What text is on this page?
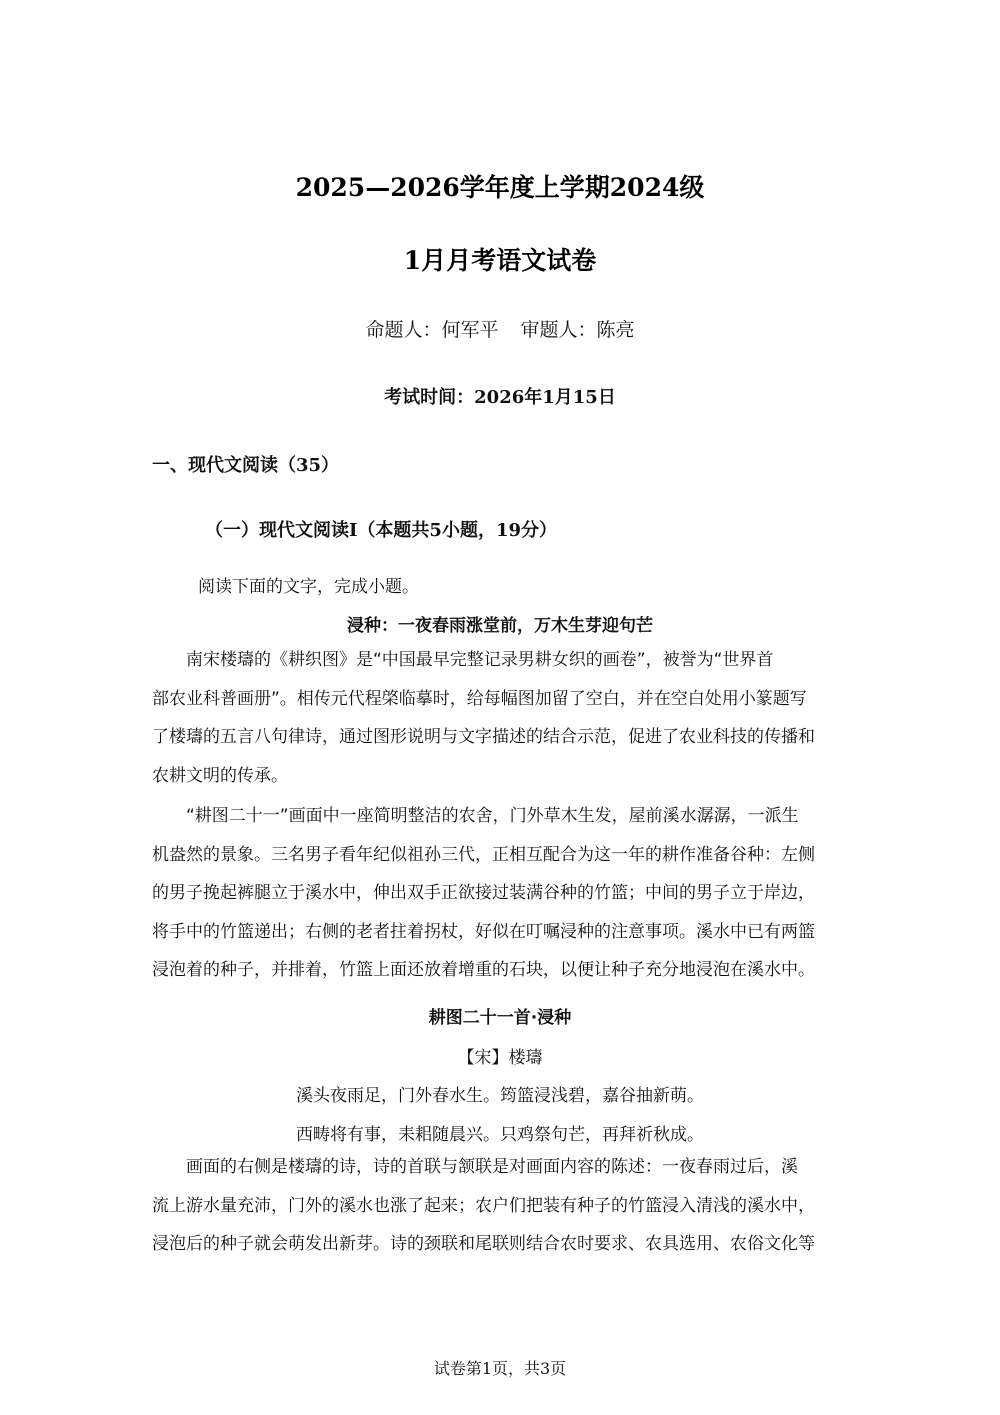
2025—2026学年度上学期2024级
1月月考语文试卷
命题人：何军平 审题人：陈亮
考试时间：2026年1月15日
一、现代文阅读（35）
（一）现代文阅读I（本题共5小题，19分）
阅读下面的文字，完成小题。
浸种：一夜春雨涨堂前，万木生芽迎句芒

南宋楼璹的《耕织图》是“中国最早完整记录男耕女织的画卷”，被誉为“世界首
部农业科普画册”。相传元代程棨临摹时，给每幅图加留了空白，并在空白处用小篆题写
了楼璹的五言八句律诗，通过图形说明与文字描述的结合示范，促进了农业科技的传播和
农耕文明的传承。

“耕图二十一”画面中一座简明整洁的农舍，门外草木生发，屋前溪水潺潺，一派生
机盎然的景象。三名男子看年纪似祖孙三代，正相互配合为这一年的耕作准备谷种：左侧
的男子挽起裤腿立于溪水中，伸出双手正欲接过装满谷种的竹篮；中间的男子立于岸边，
将手中的竹篮递出；右侧的老者拄着拐杖，好似在叮嘱浸种的注意事项。溪水中已有两篮
浸泡着的种子，并排着，竹篮上面还放着增重的石块，以便让种子充分地浸泡在溪水中。

耕图二十一首·浸种
【宋】楼璹
溪头夜雨足，门外春水生。筠篮浸浅碧，嘉谷抽新萌。
西畴将有事，耒耜随晨兴。只鸡祭句芒，再拜祈秋成。

画面的右侧是楼璹的诗，诗的首联与颔联是对画面内容的陈述：一夜春雨过后，溪
流上游水量充沛，门外的溪水也涨了起来；农户们把装有种子的竹篮浸入清浅的溪水中，
浸泡后的种子就会萌发出新芽。诗的颈联和尾联则结合农时要求、农具选用、农俗文化等

试卷第1页，共3页
